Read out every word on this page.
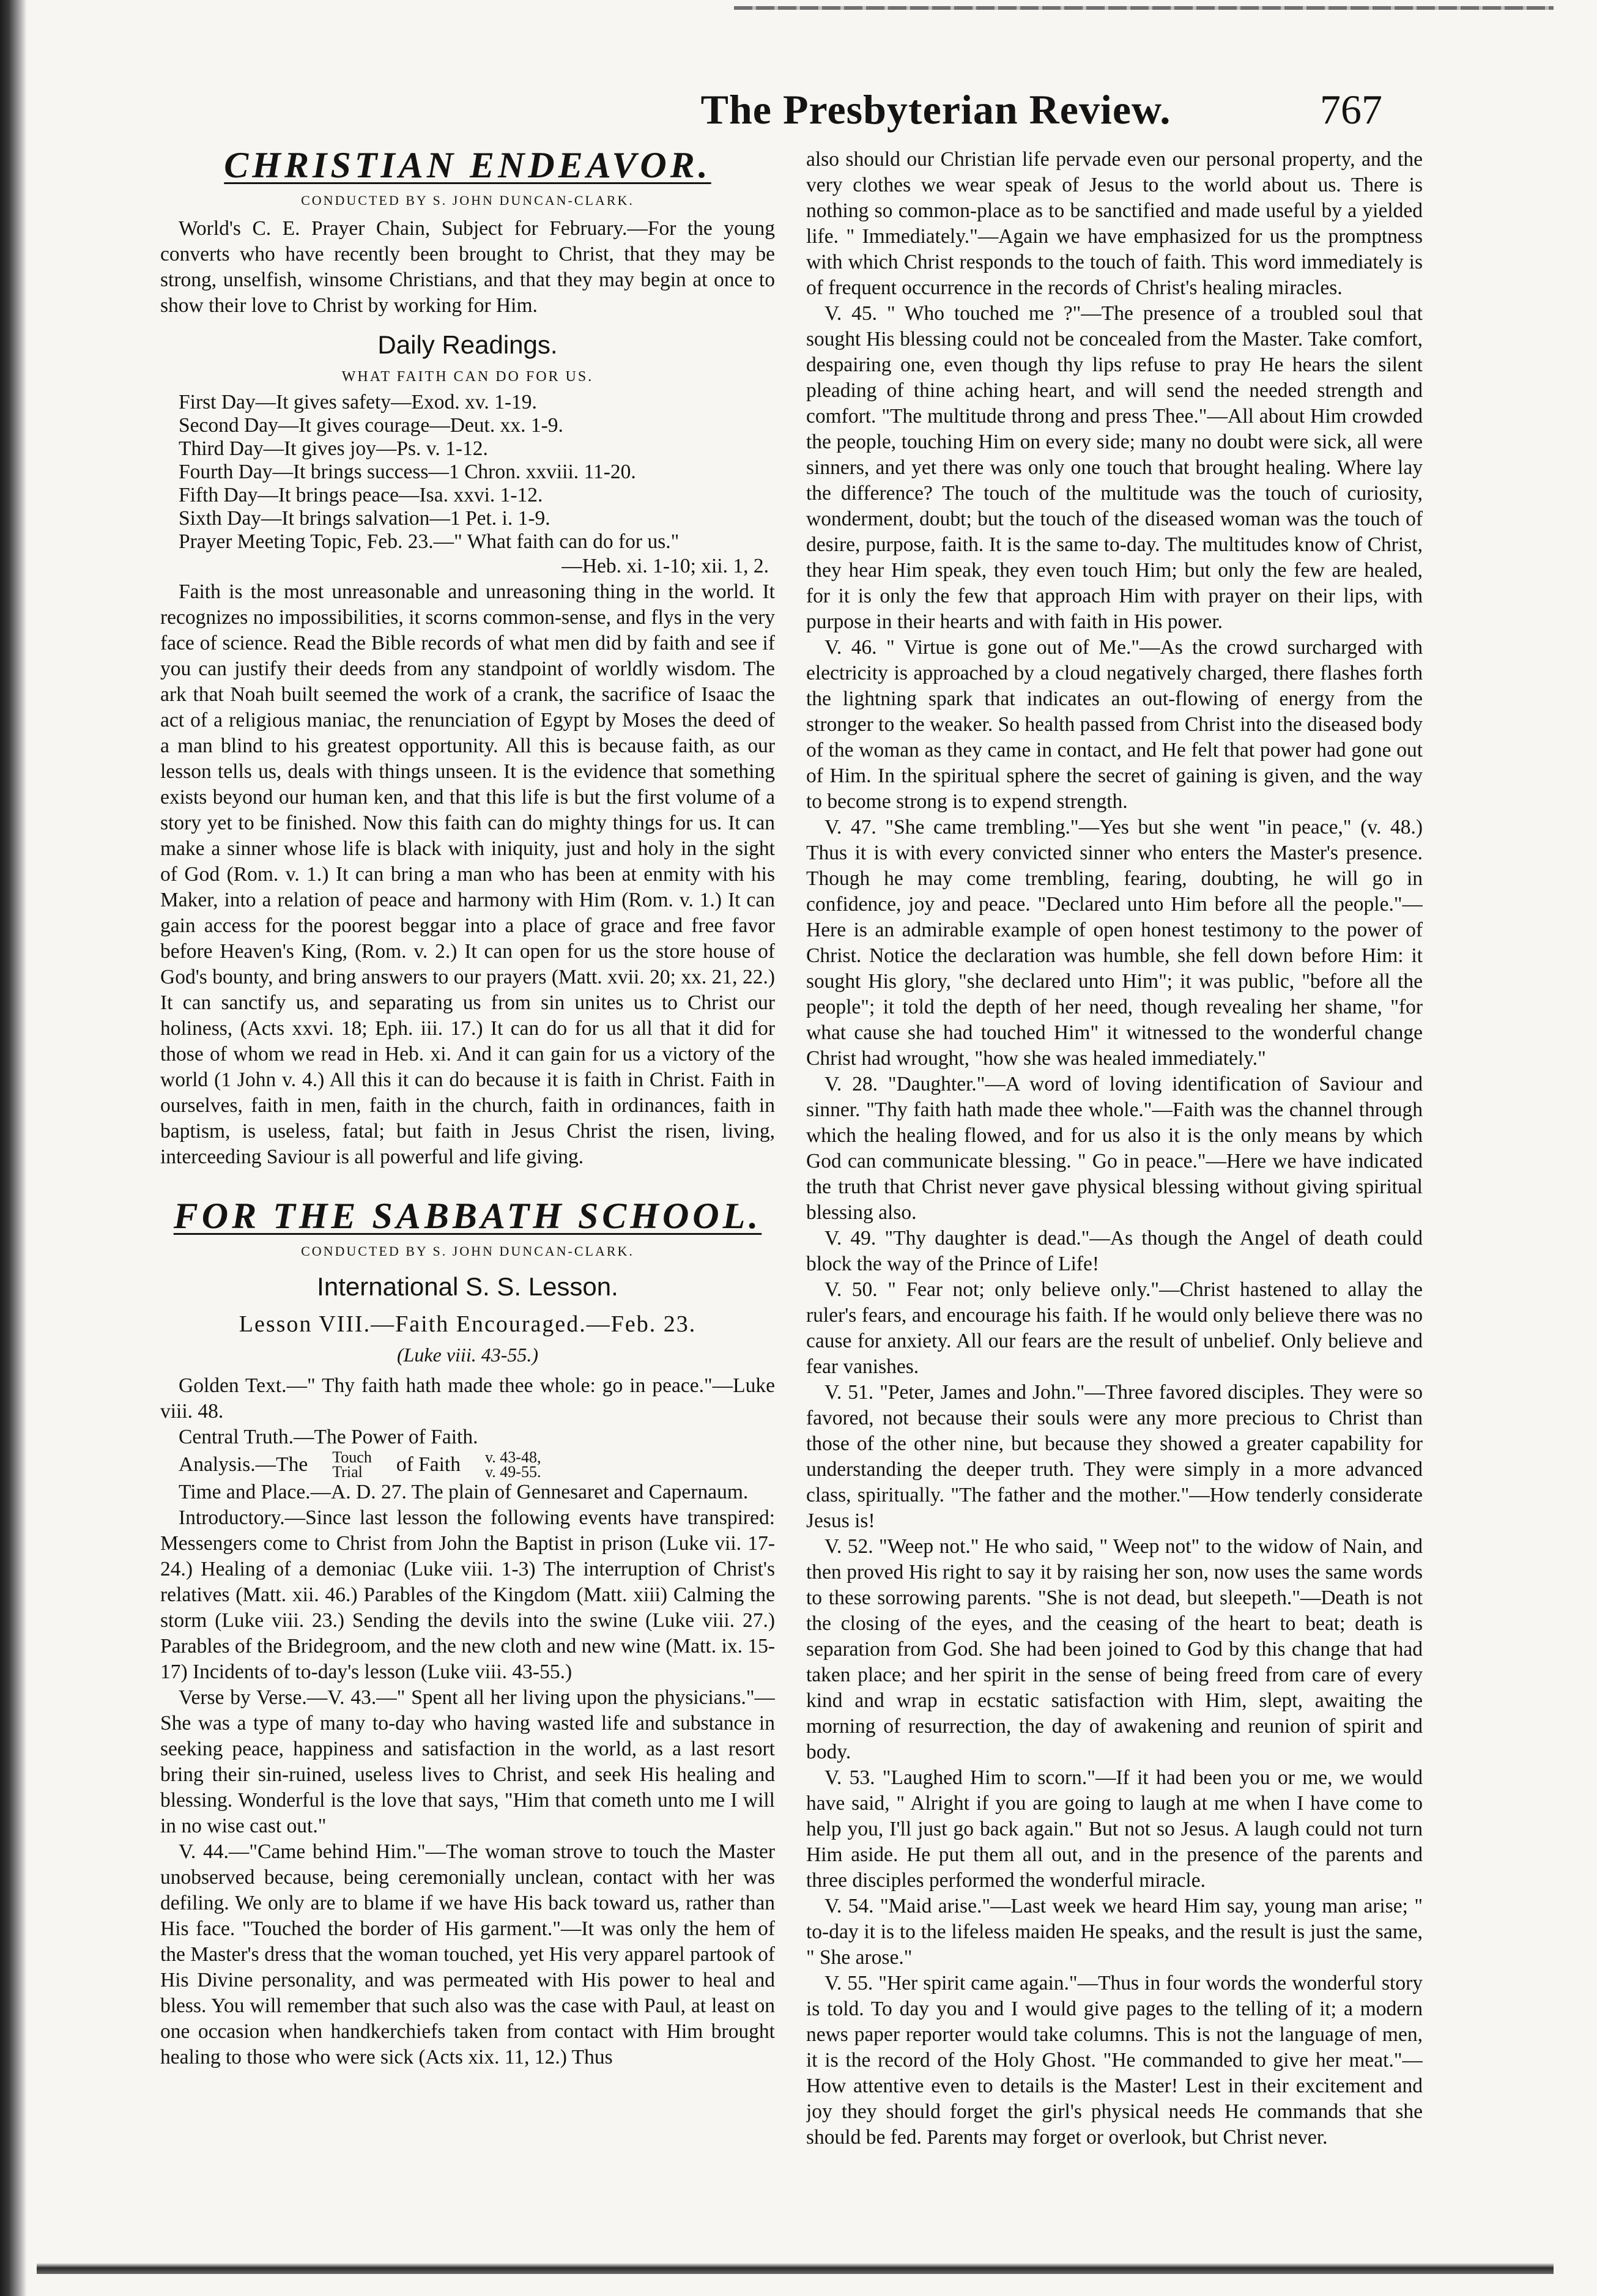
The Presbyterian Review.	767
CHRISTIAN ENDEAVOR.
CONDUCTED BY S. JOHN DUNCAN-CLARK.

World's C. E. Prayer Chain, Subject for February.—For the young converts who have recently been brought to Christ, that they may be strong, unselfish, winsome Christians, and that they may begin at once to show their love to Christ by working for Him.

Daily Readings.
WHAT FAITH CAN DO FOR US.

First Day—It gives safety—Exod. xv. 1-19.

Second Day—It gives courage—Deut. xx. 1-9.

Third Day—It gives joy—Ps. v. 1-12.

Fourth Day—It brings success—1 Chron. xxviii. 11-20.

Fifth Day—It brings peace—Isa. xxvi. 1-12.

Sixth Day—It brings salvation—1 Pet. i. 1-9.

Prayer Meeting Topic, Feb. 23.—" What faith can do for us."

—Heb. xi. 1-10; xii. 1, 2.

Faith is the most unreasonable and unreasoning thing in the world. It recognizes no impossibilities, it scorns common-sense, and flys in the very face of science. Read the Bible records of what men did by faith and see if you can justify their deeds from any standpoint of worldly wisdom. The ark that Noah built seemed the work of a crank, the sacrifice of Isaac the act of a religious maniac, the renunciation of Egypt by Moses the deed of a man blind to his greatest opportunity. All this is because faith, as our lesson tells us, deals with things unseen. It is the evidence that something exists beyond our human ken, and that this life is but the first volume of a story yet to be finished. Now this faith can do mighty things for us. It can make a sinner whose life is black with iniquity, just and holy in the sight of God (Rom. v. 1.) It can bring a man who has been at enmity with his Maker, into a relation of peace and harmony with Him (Rom. v. 1.) It can gain access for the poorest beggar into a place of grace and free favor before Heaven's King, (Rom. v. 2.) It can open for us the store house of God's bounty, and bring answers to our prayers (Matt. xvii. 20; xx. 21, 22.) It can sanctify us, and separating us from sin unites us to Christ our holiness, (Acts xxvi. 18; Eph. iii. 17.) It can do for us all that it did for those of whom we read in Heb. xi. And it can gain for us a victory of the world (1 John v. 4.) All this it can do because it is faith in Christ. Faith in ourselves, faith in men, faith in the church, faith in ordinances, faith in baptism, is useless, fatal; but faith in Jesus Christ the risen, living, interceeding Saviour is all powerful and life giving.

FOR THE SABBATH SCHOOL.
CONDUCTED BY S. JOHN DUNCAN-CLARK.
International S. S. Lesson.
Lesson VIII.—Faith Encouraged.—Feb. 23.
(Luke viii. 43-55.)

Golden Text.—" Thy faith hath made thee whole: go in peace."—Luke viii. 48.

Central Truth.—The Power of Faith.

Analysis.—The	Touch
Trial	of Faith	v. 43-48,
v. 49-55.

Time and Place.—A. D. 27. The plain of Gennesaret and Capernaum.

Introductory.—Since last lesson the following events have transpired: Messengers come to Christ from John the Baptist in prison (Luke vii. 17-24.) Healing of a demoniac (Luke viii. 1-3) The interruption of Christ's relatives (Matt. xii. 46.) Parables of the Kingdom (Matt. xiii) Calming the storm (Luke viii. 23.) Sending the devils into the swine (Luke viii. 27.) Parables of the Bridegroom, and the new cloth and new wine (Matt. ix. 15-17) Incidents of to-day's lesson (Luke viii. 43-55.)

Verse by Verse.—V. 43.—" Spent all her living upon the physicians."—She was a type of many to-day who having wasted life and substance in seeking peace, happiness and satisfaction in the world, as a last resort bring their sin-ruined, useless lives to Christ, and seek His healing and blessing. Wonderful is the love that says, "Him that cometh unto me I will in no wise cast out."

V. 44.—"Came behind Him."—The woman strove to touch the Master unobserved because, being ceremonially unclean, contact with her was defiling. We only are to blame if we have His back toward us, rather than His face. "Touched the border of His garment."—It was only the hem of the Master's dress that the woman touched, yet His very apparel partook of His Divine personality, and was permeated with His power to heal and bless. You will remember that such also was the case with Paul, at least on one occasion when handkerchiefs taken from contact with Him brought healing to those who were sick (Acts xix. 11, 12.) Thus

also should our Christian life pervade even our personal property, and the very clothes we wear speak of Jesus to the world about us. There is nothing so common-place as to be sanctified and made useful by a yielded life. " Immediately."—Again we have emphasized for us the promptness with which Christ responds to the touch of faith. This word immediately is of frequent occurrence in the records of Christ's healing miracles.

V. 45. " Who touched me ?"—The presence of a troubled soul that sought His blessing could not be concealed from the Master. Take comfort, despairing one, even though thy lips refuse to pray He hears the silent pleading of thine aching heart, and will send the needed strength and comfort. "The multitude throng and press Thee."—All about Him crowded the people, touching Him on every side; many no doubt were sick, all were sinners, and yet there was only one touch that brought healing. Where lay the difference? The touch of the multitude was the touch of curiosity, wonderment, doubt; but the touch of the diseased woman was the touch of desire, purpose, faith. It is the same to-day. The multitudes know of Christ, they hear Him speak, they even touch Him; but only the few are healed, for it is only the few that approach Him with prayer on their lips, with purpose in their hearts and with faith in His power.

V. 46. " Virtue is gone out of Me."—As the crowd surcharged with electricity is approached by a cloud negatively charged, there flashes forth the lightning spark that indicates an out-flowing of energy from the stronger to the weaker. So health passed from Christ into the diseased body of the woman as they came in contact, and He felt that power had gone out of Him. In the spiritual sphere the secret of gaining is given, and the way to become strong is to expend strength.

V. 47. "She came trembling."—Yes but she went "in peace," (v. 48.) Thus it is with every convicted sinner who enters the Master's presence. Though he may come trembling, fearing, doubting, he will go in confidence, joy and peace. "Declared unto Him before all the people."—Here is an admirable example of open honest testimony to the power of Christ. Notice the declaration was humble, she fell down before Him: it sought His glory, "she declared unto Him"; it was public, "before all the people"; it told the depth of her need, though revealing her shame, "for what cause she had touched Him" it witnessed to the wonderful change Christ had wrought, "how she was healed immediately."

V. 28. "Daughter."—A word of loving identification of Saviour and sinner. "Thy faith hath made thee whole."—Faith was the channel through which the healing flowed, and for us also it is the only means by which God can communicate blessing. " Go in peace."—Here we have indicated the truth that Christ never gave physical blessing without giving spiritual blessing also.

V. 49. "Thy daughter is dead."—As though the Angel of death could block the way of the Prince of Life!

V. 50. " Fear not; only believe only."—Christ hastened to allay the ruler's fears, and encourage his faith. If he would only believe there was no cause for anxiety. All our fears are the result of unbelief. Only believe and fear vanishes.

V. 51. "Peter, James and John."—Three favored disciples. They were so favored, not because their souls were any more precious to Christ than those of the other nine, but because they showed a greater capability for understanding the deeper truth. They were simply in a more advanced class, spiritually. "The father and the mother."—How tenderly considerate Jesus is!

V. 52. "Weep not." He who said, " Weep not" to the widow of Nain, and then proved His right to say it by raising her son, now uses the same words to these sorrowing parents. "She is not dead, but sleepeth."—Death is not the closing of the eyes, and the ceasing of the heart to beat; death is separation from God. She had been joined to God by this change that had taken place; and her spirit in the sense of being freed from care of every kind and wrap in ecstatic satisfaction with Him, slept, awaiting the morning of resurrection, the day of awakening and reunion of spirit and body.

V. 53. "Laughed Him to scorn."—If it had been you or me, we would have said, " Alright if you are going to laugh at me when I have come to help you, I'll just go back again." But not so Jesus. A laugh could not turn Him aside. He put them all out, and in the presence of the parents and three disciples performed the wonderful miracle.

V. 54. "Maid arise."—Last week we heard Him say, young man arise; " to-day it is to the lifeless maiden He speaks, and the result is just the same, " She arose."

V. 55. "Her spirit came again."—Thus in four words the wonderful story is told. To day you and I would give pages to the telling of it; a modern news paper reporter would take columns. This is not the language of men, it is the record of the Holy Ghost. "He commanded to give her meat."—How attentive even to details is the Master! Lest in their excitement and joy they should forget the girl's physical needs He commands that she should be fed. Parents may forget or overlook, but Christ never.
